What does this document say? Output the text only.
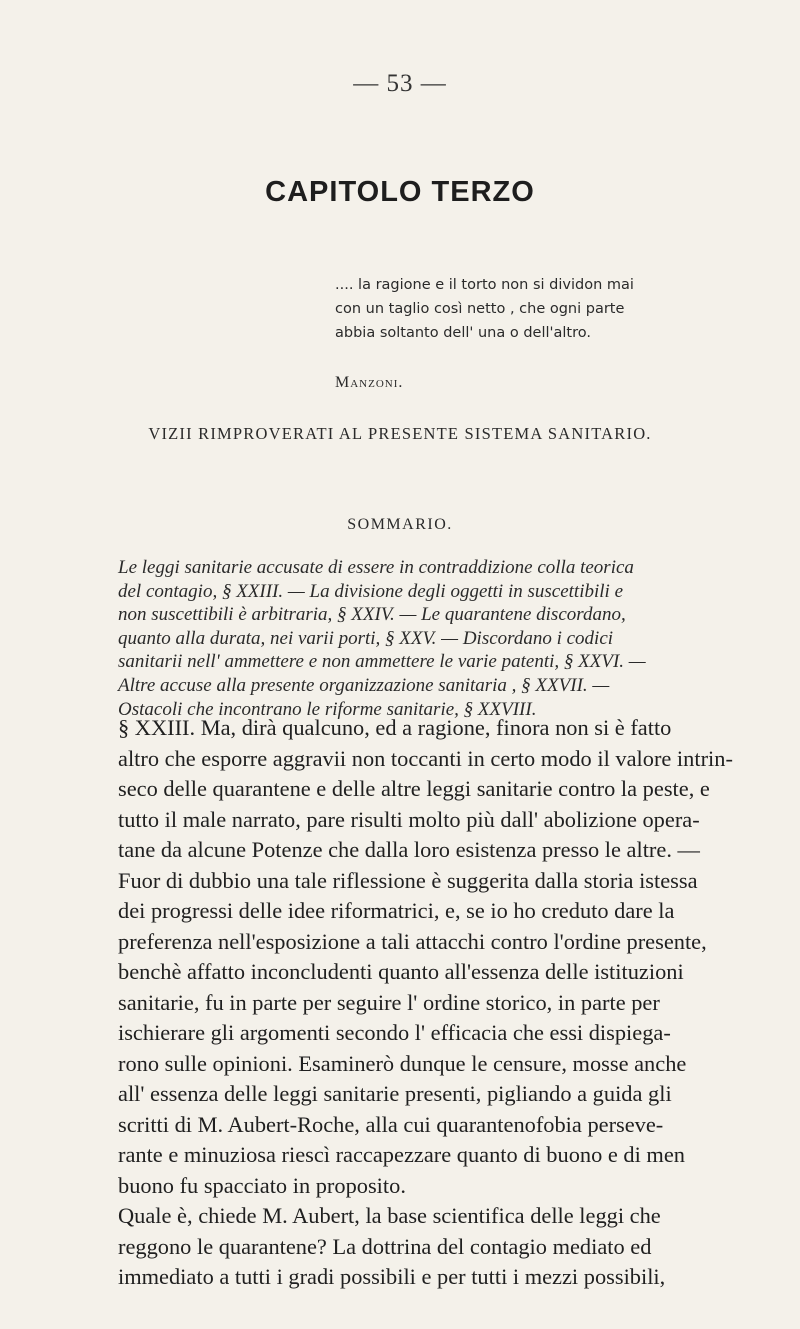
— 53 —
CAPITOLO TERZO
.... la ragione e il torto non si dividon mai
con un taglio così netto , che ogni parte
abbia soltanto dell' una o dell'altro.
Manzoni.
VIZII RIMPROVERATI AL PRESENTE SISTEMA SANITARIO.
SOMMARIO.
Le leggi sanitarie accusate di essere in contraddizione colla teorica
del contagio, § XXIII. — La divisione degli oggetti in suscettibili e
non suscettibili è arbitraria, § XXIV. — Le quarantene discordano,
quanto alla durata, nei varii porti, § XXV. — Discordano i codici
sanitarii nell' ammettere e non ammettere le varie patenti, § XXVI. —
Altre accuse alla presente organizzazione sanitaria , § XXVII. —
Ostacoli che incontrano le riforme sanitarie, § XXVIII.
§ XXIII. Ma, dirà qualcuno, ed a ragione, finora non si è fatto
altro che esporre aggravii non toccanti in certo modo il valore intrin-
seco delle quarantene e delle altre leggi sanitarie contro la peste, e
tutto il male narrato, pare risulti molto più dall' abolizione opera-
tane da alcune Potenze che dalla loro esistenza presso le altre. —
Fuor di dubbio una tale riflessione è suggerita dalla storia istessa
dei progressi delle idee riformatrici, e, se io ho creduto dare la
preferenza nell'esposizione a tali attacchi contro l'ordine presente,
benchè affatto inconcludenti quanto all'essenza delle istituzioni
sanitarie, fu in parte per seguire l' ordine storico, in parte per
ischierare gli argomenti secondo l' efficacia che essi dispiega-
rono sulle opinioni. Esaminerò dunque le censure, mosse anche
all' essenza delle leggi sanitarie presenti, pigliando a guida gli
scritti di M. Aubert-Roche, alla cui quarantenofobia perseve-
rante e minuziosa riescì raccapezzare quanto di buono e di men
buono fu spacciato in proposito.
Quale è, chiede M. Aubert, la base scientifica delle leggi che
reggono le quarantene? La dottrina del contagio mediato ed
immediato a tutti i gradi possibili e per tutti i mezzi possibili,
